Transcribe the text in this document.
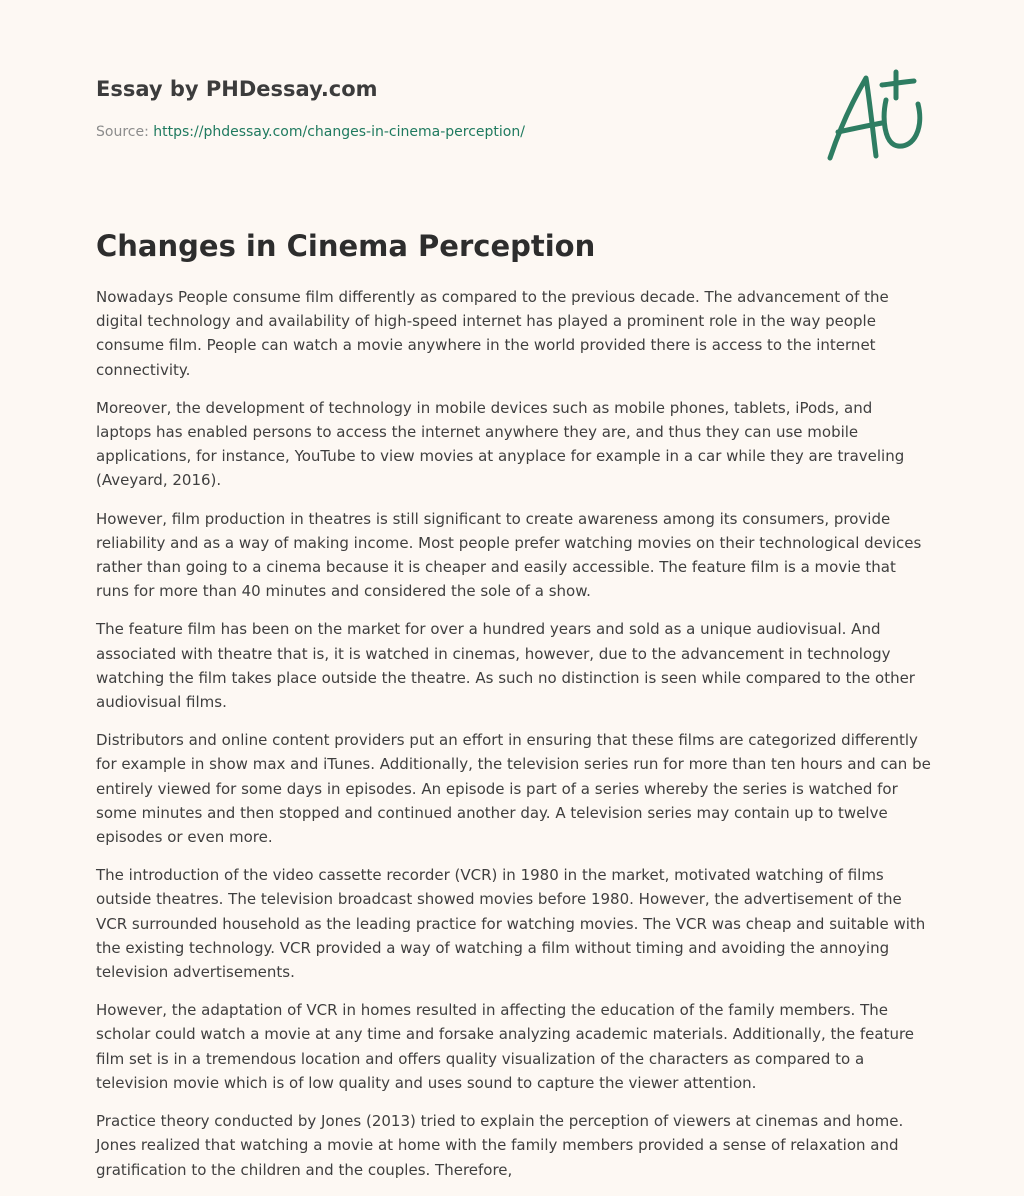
Essay by PHDessay.com
Source: https://phdessay.com/changes-in-cinema-perception/
Changes in Cinema Perception

Nowadays People consume film differently as compared to the previous decade. The advancement of the digital technology and availability of high-speed internet has played a prominent role in the way people consume film. People can watch a movie anywhere in the world provided there is access to the internet connectivity.

Moreover, the development of technology in mobile devices such as mobile phones, tablets, iPods, and laptops has enabled persons to access the internet anywhere they are, and thus they can use mobile applications, for instance, YouTube to view movies at anyplace for example in a car while they are traveling (Aveyard, 2016).

However, film production in theatres is still significant to create awareness among its consumers, provide reliability and as a way of making income. Most people prefer watching movies on their technological devices rather than going to a cinema because it is cheaper and easily accessible. The feature film is a movie that runs for more than 40 minutes and considered the sole of a show.

The feature film has been on the market for over a hundred years and sold as a unique audiovisual. And associated with theatre that is, it is watched in cinemas, however, due to the advancement in technology watching the film takes place outside the theatre. As such no distinction is seen while compared to the other audiovisual films.

Distributors and online content providers put an effort in ensuring that these films are categorized differently for example in show max and iTunes. Additionally, the television series run for more than ten hours and can be entirely viewed for some days in episodes. An episode is part of a series whereby the series is watched for some minutes and then stopped and continued another day. A television series may contain up to twelve episodes or even more.

The introduction of the video cassette recorder (VCR) in 1980 in the market, motivated watching of films outside theatres. The television broadcast showed movies before 1980. However, the advertisement of the VCR surrounded household as the leading practice for watching movies. The VCR was cheap and suitable with the existing technology. VCR provided a way of watching a film without timing and avoiding the annoying television advertisements.

However, the adaptation of VCR in homes resulted in affecting the education of the family members. The scholar could watch a movie at any time and forsake analyzing academic materials. Additionally, the feature film set is in a tremendous location and offers quality visualization of the characters as compared to a television movie which is of low quality and uses sound to capture the viewer attention.

Practice theory conducted by Jones (2013) tried to explain the perception of viewers at cinemas and home. Jones realized that watching a movie at home with the family members provided a sense of relaxation and gratification to the children and the couples. Therefore,
